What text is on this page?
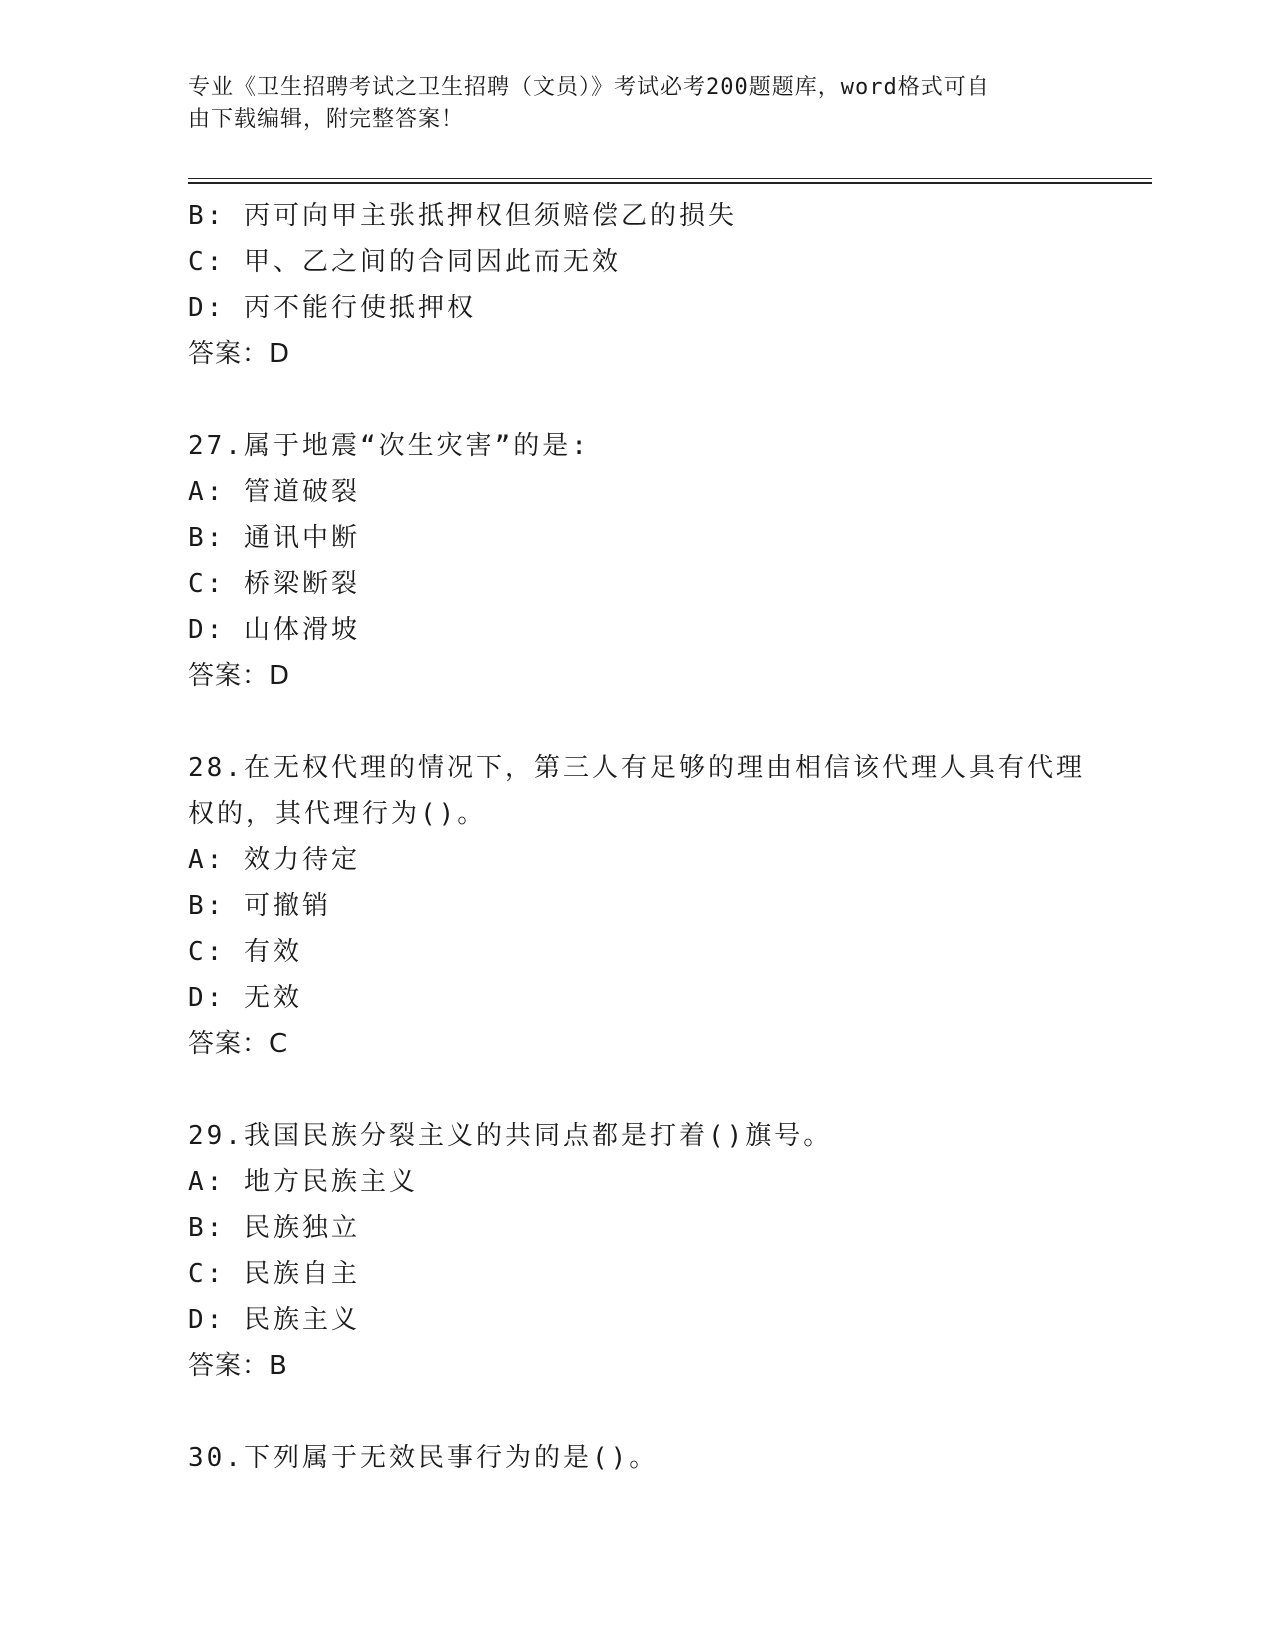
专业《卫生招聘考试之卫生招聘（文员）》考试必考200题题库，word格式可自
由下载编辑，附完整答案！
B: 丙可向甲主张抵押权但须赔偿乙的损失
C: 甲、乙之间的合同因此而无效
D: 丙不能行使抵押权
答案：D
27.属于地震“次生灾害”的是:
A: 管道破裂
B: 通讯中断
C: 桥梁断裂
D: 山体滑坡
答案：D
28.在无权代理的情况下，第三人有足够的理由相信该代理人具有代理
权的，其代理行为()。
A: 效力待定
B: 可撤销
C: 有效
D: 无效
答案：C
29.我国民族分裂主义的共同点都是打着()旗号。
A: 地方民族主义
B: 民族独立
C: 民族自主
D: 民族主义
答案：B
30.下列属于无效民事行为的是()。
